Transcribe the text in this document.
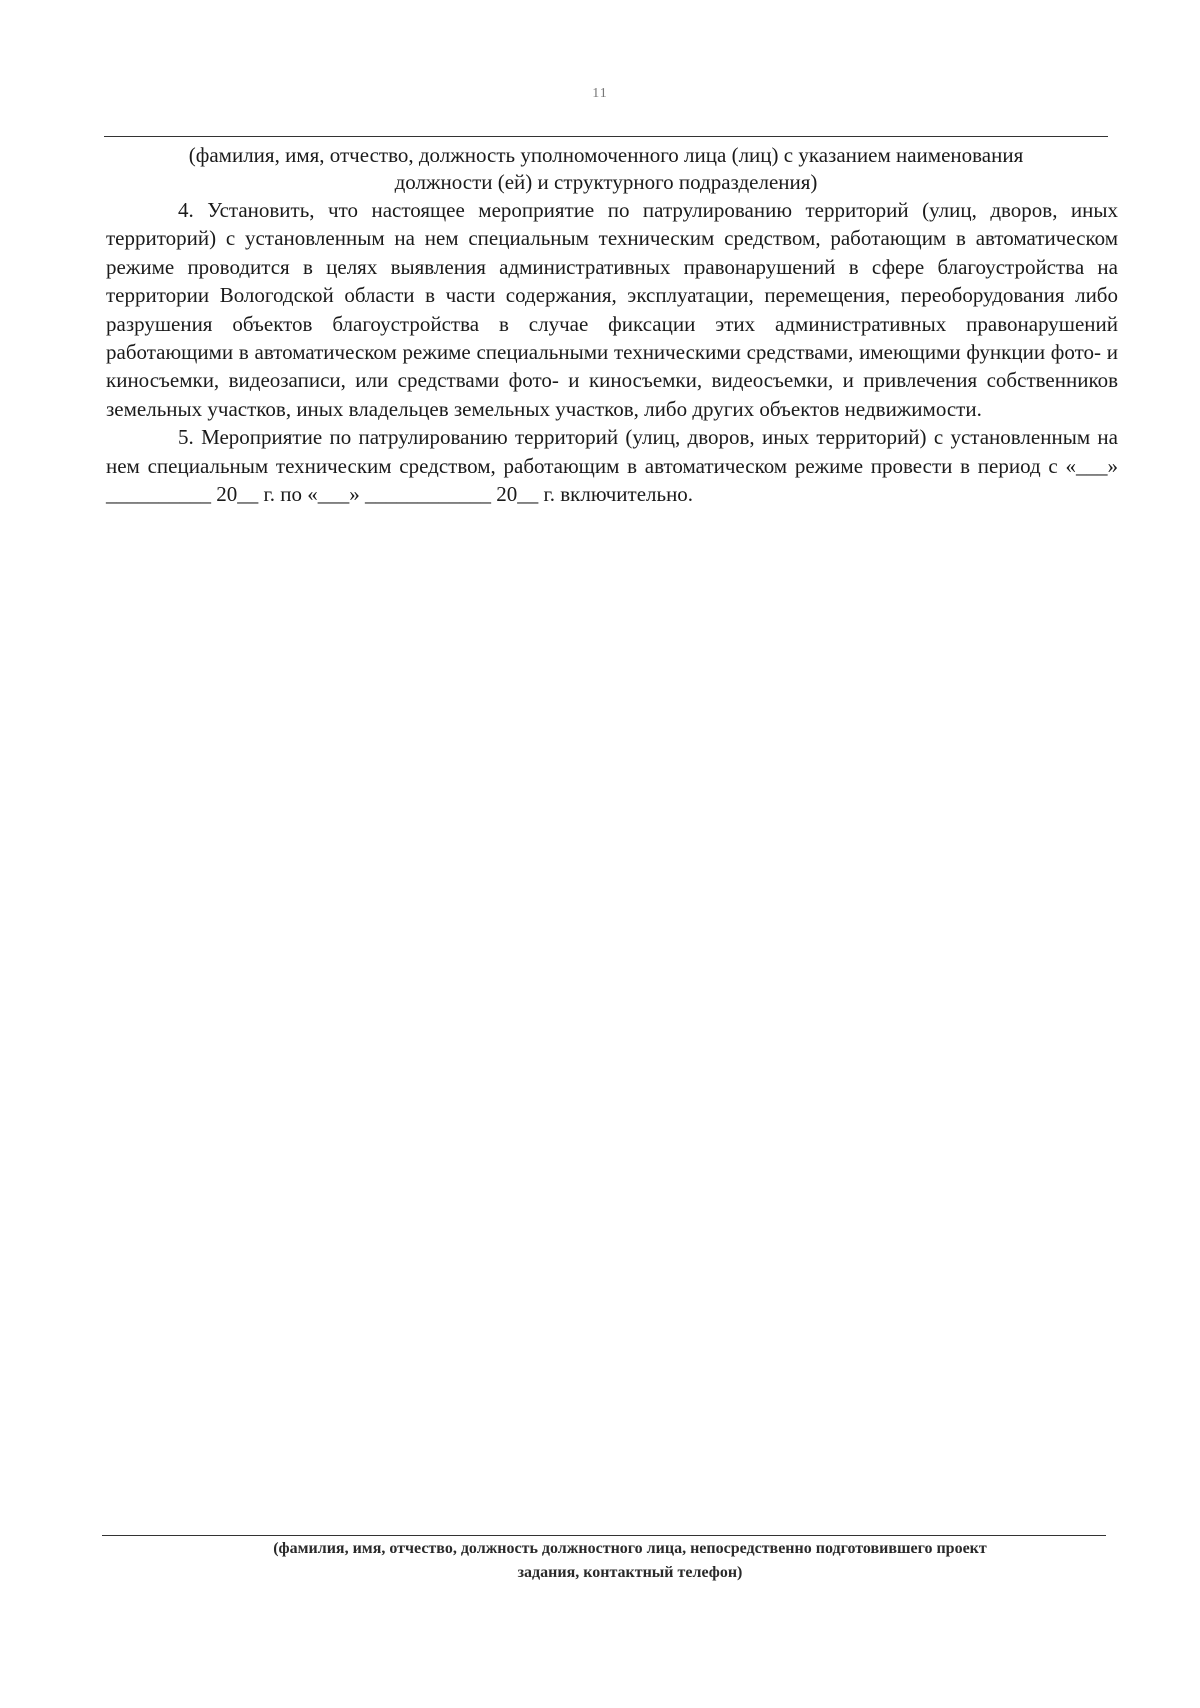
11
(фамилия, имя, отчество, должность уполномоченного лица (лиц) с указанием наименования
должности (ей) и структурного подразделения)

4. Установить, что настоящее мероприятие по патрулированию территорий (улиц, дворов, иных территорий) с установленным на нем специальным техническим средством, работающим в автоматическом режиме проводится в целях выявления административных правонарушений в сфере благоустройства на территории Вологодской области в части содержания, эксплуатации, перемещения, переоборудования либо разрушения объектов благоустройства в случае фиксации этих административных правонарушений работающими в автоматическом режиме специальными техническими средствами, имеющими функции фото- и киносъемки, видеозаписи, или средствами фото- и киносъемки, видеосъемки, и привлечения собственников земельных участков, иных владельцев земельных участков, либо других объектов недвижимости.

5. Мероприятие по патрулированию территорий (улиц, дворов, иных территорий) с установленным на нем специальным техническим средством, работающим в автоматическом режиме провести в период с «___» __________ 20__ г. по «___» ____________ 20__ г. включительно.

(фамилия, имя, отчество, должность должностного лица, непосредственно подготовившего проект
задания, контактный телефон)
